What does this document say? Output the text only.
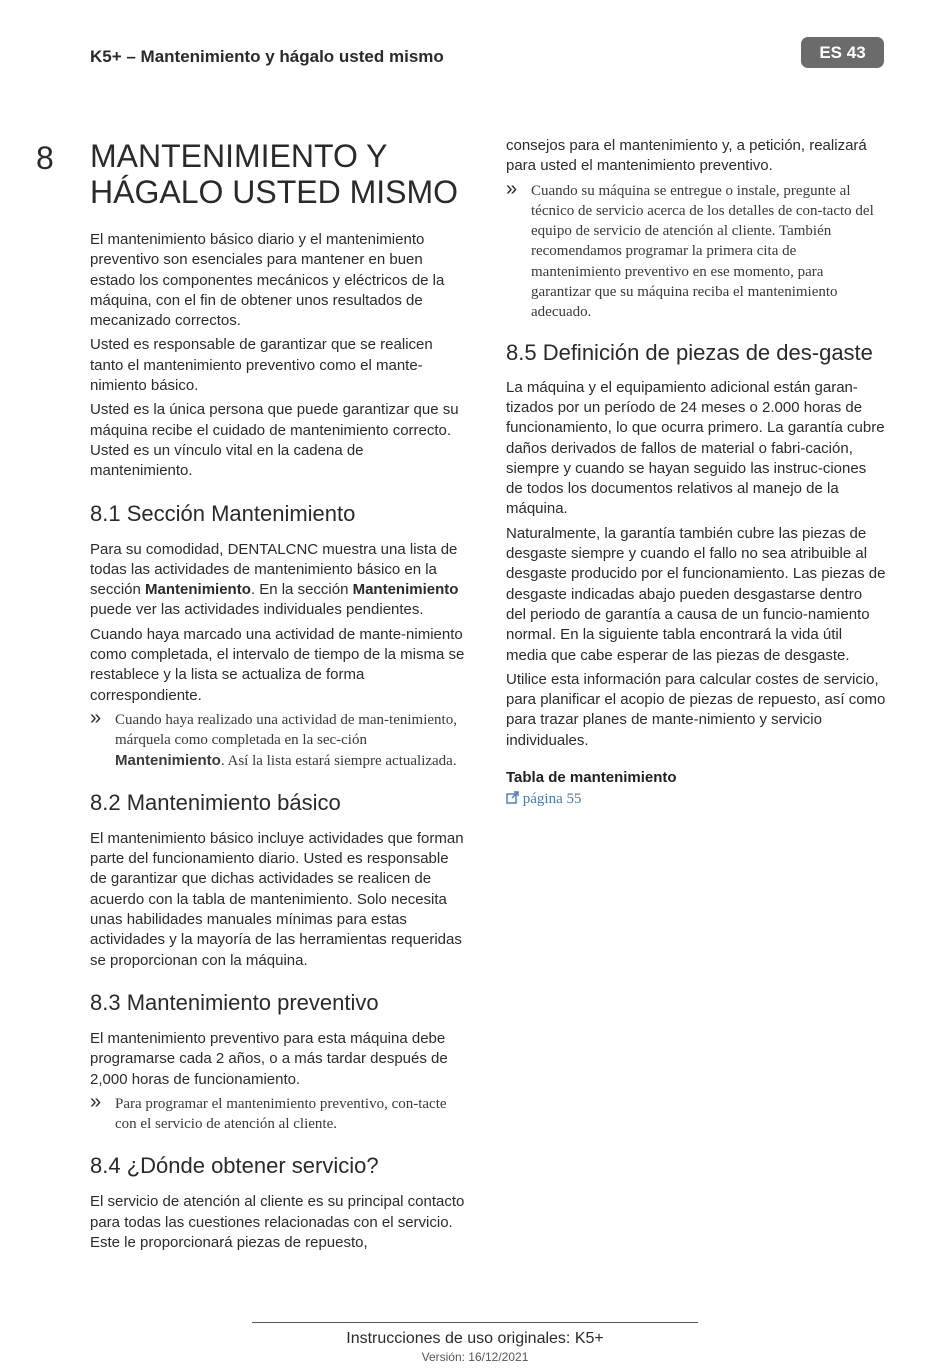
K5+ – Mantenimiento y hágalo usted mismo	ES 43
8 MANTENIMIENTO Y HÁGALO USTED MISMO

El mantenimiento básico diario y el mantenimiento preventivo son esenciales para mantener en buen estado los componentes mecánicos y eléctricos de la máquina, con el fin de obtener unos resultados de mecanizado correctos.

Usted es responsable de garantizar que se realicen tanto el mantenimiento preventivo como el mante-nimiento básico.

Usted es la única persona que puede garantizar que su máquina recibe el cuidado de mantenimiento correcto. Usted es un vínculo vital en la cadena de mantenimiento.

8.1 Sección Mantenimiento

Para su comodidad, DENTALCNC muestra una lista de todas las actividades de mantenimiento básico en la sección Mantenimiento. En la sección Mantenimiento puede ver las actividades individuales pendientes.

Cuando haya marcado una actividad de mante-nimiento como completada, el intervalo de tiempo de la misma se restablece y la lista se actualiza de forma correspondiente.

» Cuando haya realizado una actividad de man-tenimiento, márquela como completada en la sec-ción Mantenimiento. Así la lista estará siempre actualizada.
8.2 Mantenimiento básico

El mantenimiento básico incluye actividades que forman parte del funcionamiento diario. Usted es responsable de garantizar que dichas actividades se realicen de acuerdo con la tabla de mantenimiento. Solo necesita unas habilidades manuales mínimas para estas actividades y la mayoría de las herramientas requeridas se proporcionan con la máquina.

8.3 Mantenimiento preventivo

El mantenimiento preventivo para esta máquina debe programarse cada 2 años, o a más tardar después de 2,000 horas de funcionamiento.

» Para programar el mantenimiento preventivo, con-tacte con el servicio de atención al cliente.
8.4 ¿Dónde obtener servicio?

El servicio de atención al cliente es su principal contacto para todas las cuestiones relacionadas con el servicio. Este le proporcionará piezas de repuesto,

consejos para el mantenimiento y, a petición, realizará para usted el mantenimiento preventivo.

» Cuando su máquina se entregue o instale, pregunte al técnico de servicio acerca de los detalles de con-tacto del equipo de servicio de atención al cliente. También recomendamos programar la primera cita de mantenimiento preventivo en ese momento, para garantizar que su máquina reciba el mantenimiento adecuado.
8.5 Definición de piezas de des-gaste

La máquina y el equipamiento adicional están garan-tizados por un período de 24 meses o 2.000 horas de funcionamiento, lo que ocurra primero. La garantía cubre daños derivados de fallos de material o fabri-cación, siempre y cuando se hayan seguido las instruc-ciones de todos los documentos relativos al manejo de la máquina.

Naturalmente, la garantía también cubre las piezas de desgaste siempre y cuando el fallo no sea atribuible al desgaste producido por el funcionamiento. Las piezas de desgaste indicadas abajo pueden desgastarse dentro del periodo de garantía a causa de un funcio-namiento normal. En la siguiente tabla encontrará la vida útil media que cabe esperar de las piezas de desgaste.

Utilice esta información para calcular costes de servicio, para planificar el acopio de piezas de repuesto, así como para trazar planes de mante-nimiento y servicio individuales.

Tabla de mantenimiento
página 55
Instrucciones de uso originales: K5+
Versión: 16/12/2021
